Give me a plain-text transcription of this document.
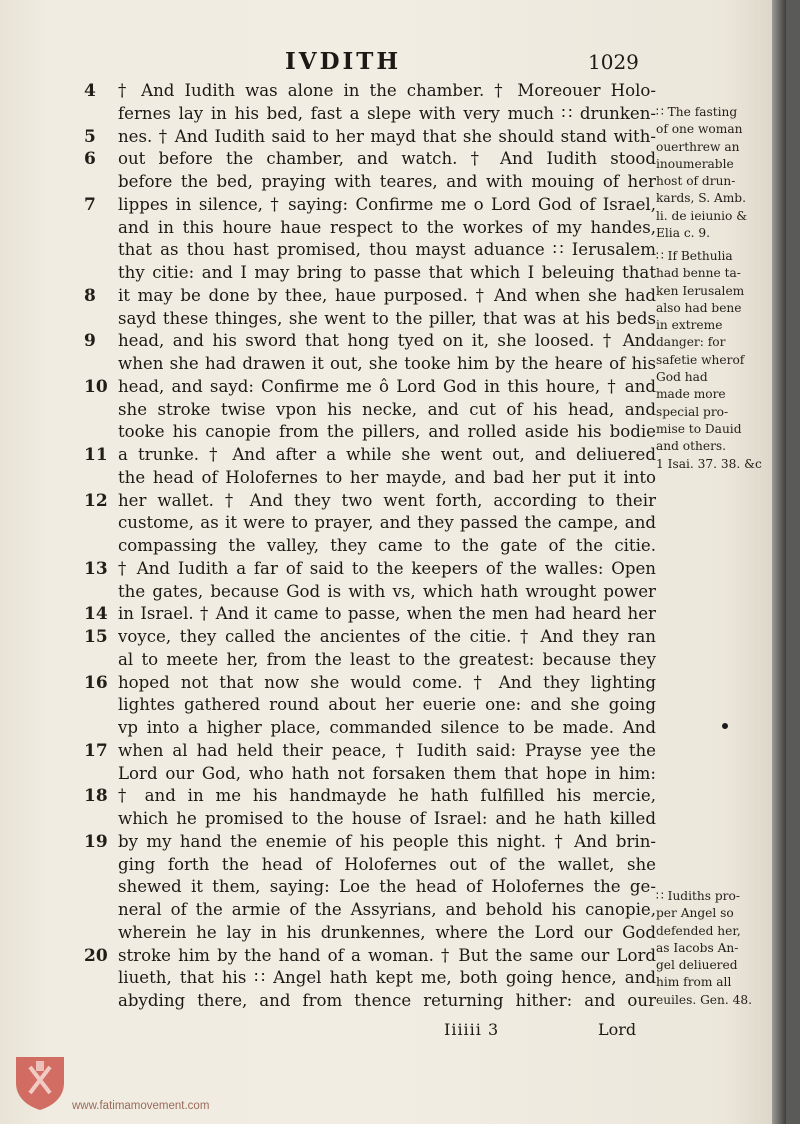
IVDITH	1029
4	† And Iudith was alone in the chamber. † Moreouer Holo-
fernes lay in his bed, fast a slepe with very much ∷ drunken-
5	nes. † And Iudith said to her mayd that she should stand with-
6	out before the chamber, and watch. † And Iudith stood
before the bed, praying with teares, and with mouing of her
7	lippes in silence, † saying: Confirme me o Lord God of Israel,
and in this houre haue respect to the workes of my handes,
that as thou hast promised, thou mayst aduance ∷ Ierusalem
thy citie: and I may bring to passe that which I beleuing that
8	it may be done by thee, haue purposed. † And when she had
sayd these thinges, she went to the piller, that was at his beds
9	head, and his sword that hong tyed on it, she loosed. † And
when she had drawen it out, she tooke him by the heare of his
10 head, and sayd: Confirme me ô Lord God in this houre, † and
she stroke twise vpon his necke, and cut of his head, and
tooke his canopie from the pillers, and rolled aside his bodie
11 a trunke. † And after a while she went out, and deliuered
the head of Holofernes to her mayde, and bad her put it into
12 her wallet. † And they two went forth, according to their
custome, as it were to prayer, and they passed the campe, and
compassing the valley, they came to the gate of the citie.
13 † And Iudith a far of said to the keepers of the walles: Open
the gates, because God is with vs, which hath wrought power
14 in Israel. † And it came to passe, when the men had heard her
15 voyce, they called the ancientes of the citie. † And they ran
al to meete her, from the least to the greatest: because they
16 hoped not that now she would come. † And they lighting
lightes gathered round about her euerie one: and she going
vp into a higher place, commanded silence to be made. And
17 when al had held their peace, † Iudith said: Prayse yee the
Lord our God, who hath not forsaken them that hope in him:
18 † and in me his handmayde he hath fulfilled his mercie,
which he promised to the house of Israel: and he hath killed
19 by my hand the enemie of his people this night. † And brin-
ging forth the head of Holofernes out of the wallet, she
shewed it them, saying: Loe the head of Holofernes the ge-
neral of the armie of the Assyrians, and behold his canopie,
wherein he lay in his drunkennes, where the Lord our God
20 stroke him by the hand of a woman. † But the same our Lord
liueth, that his ∷ Angel hath kept me, both going hence, and
abyding there, and from thence returning hither: and our
∷ The fasting
of one woman
ouerthrew an
inoumerable
host of drun-
kards, S. Amb.
li. de ieiunio &
Elia c. 9.
∷ If Bethulia
had benne ta-
ken Ierusalem
also had bene
in extreme
danger: for
safetie wherof
God had
made more
special pro-
mise to Dauid
and others.
1 Isai. 37. 38. &c
∷ Iudiths pro-
per Angel so
defended her,
as Iacobs An-
gel deliuered
him from all
euiles. Gen. 48.
Iiiiii 3	Lord
www.fatimamovement.com
